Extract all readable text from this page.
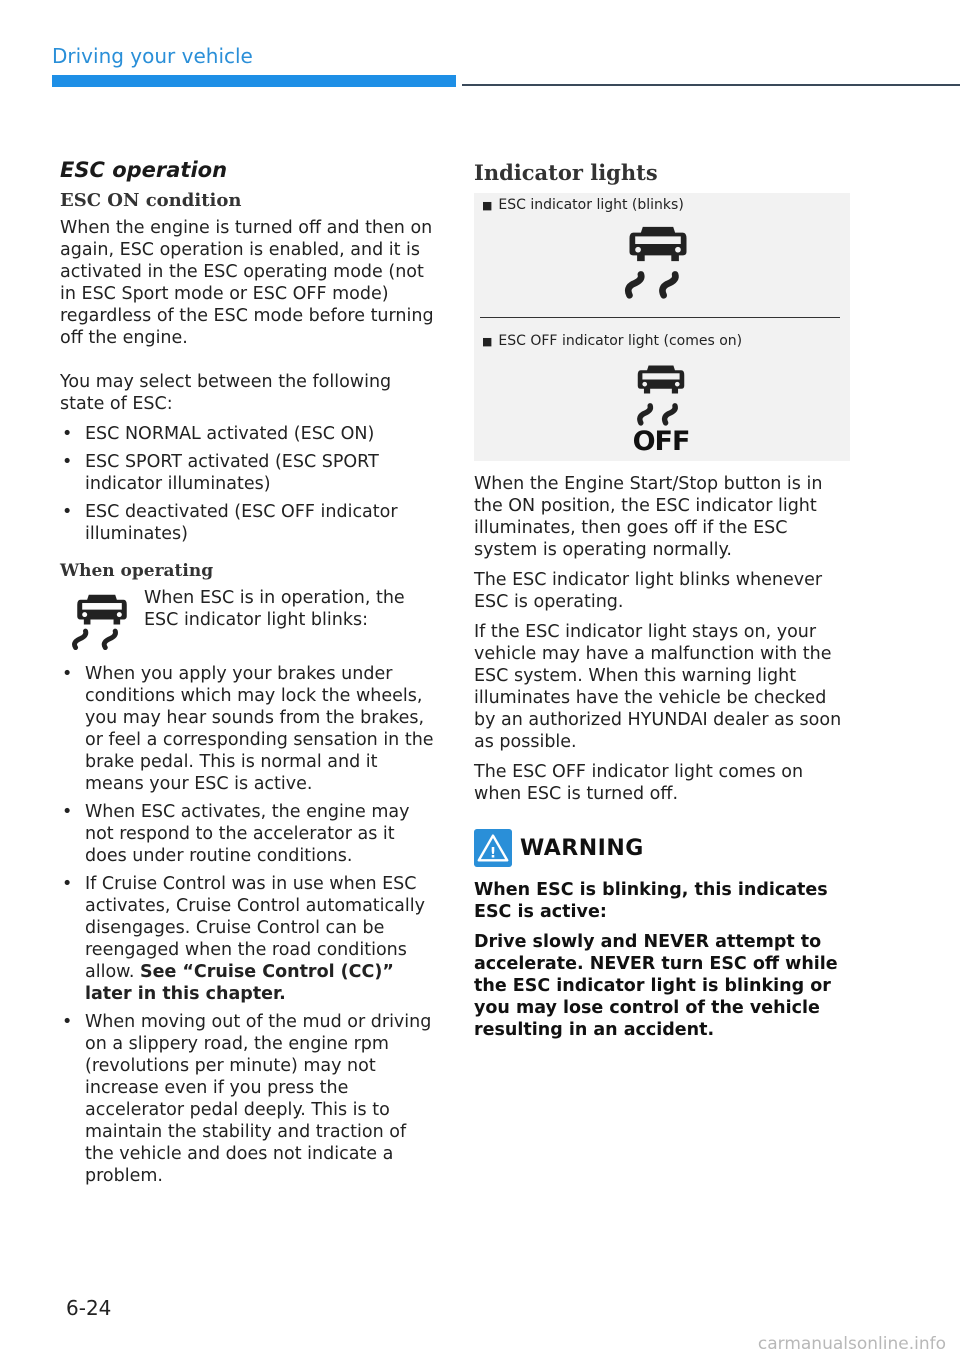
Driving your vehicle
ESC operation
ESC ON condition

When the engine is turned off and then on again, ESC operation is enabled, and it is activated in the ESC operating mode (not in ESC Sport mode or ESC OFF mode) regardless of the ESC mode before turning off the engine.

You may select between the following state of ESC:

• ESC NORMAL activated (ESC ON)
• ESC SPORT activated (ESC SPORT indicator illuminates)
• ESC deactivated (ESC OFF indicator illuminates)
When operating
When ESC is in operation, the ESC indicator light blinks:
• When you apply your brakes under conditions which may lock the wheels, you may hear sounds from the brakes, or feel a corresponding sensation in the brake pedal. This is normal and it means your ESC is active.
• When ESC activates, the engine may not respond to the accelerator as it does under routine conditions.
• If Cruise Control was in use when ESC activates, Cruise Control automatically disengages. Cruise Control can be reengaged when the road conditions allow. See “Cruise Control (CC)” later in this chapter.
• When moving out of the mud or driving on a slippery road, the engine rpm (revolutions per minute) may not increase even if you press the accelerator pedal deeply. This is to maintain the stability and traction of the vehicle and does not indicate a problem.
Indicator lights
■ ESC indicator light (blinks)
■ ESC OFF indicator light (comes on)
OFF

When the Engine Start/Stop button is in the ON position, the ESC indicator light illuminates, then goes off if the ESC system is operating normally.

The ESC indicator light blinks whenever ESC is operating.

If the ESC indicator light stays on, your vehicle may have a malfunction with the ESC system. When this warning light illuminates have the vehicle be checked by an authorized HYUNDAI dealer as soon as possible.

The ESC OFF indicator light comes on when ESC is turned off.

! WARNING

When ESC is blinking, this indicates ESC is active:

Drive slowly and NEVER attempt to accelerate. NEVER turn ESC off while the ESC indicator light is blinking or you may lose control of the vehicle resulting in an accident.

6-24
carmanualsonline.info
